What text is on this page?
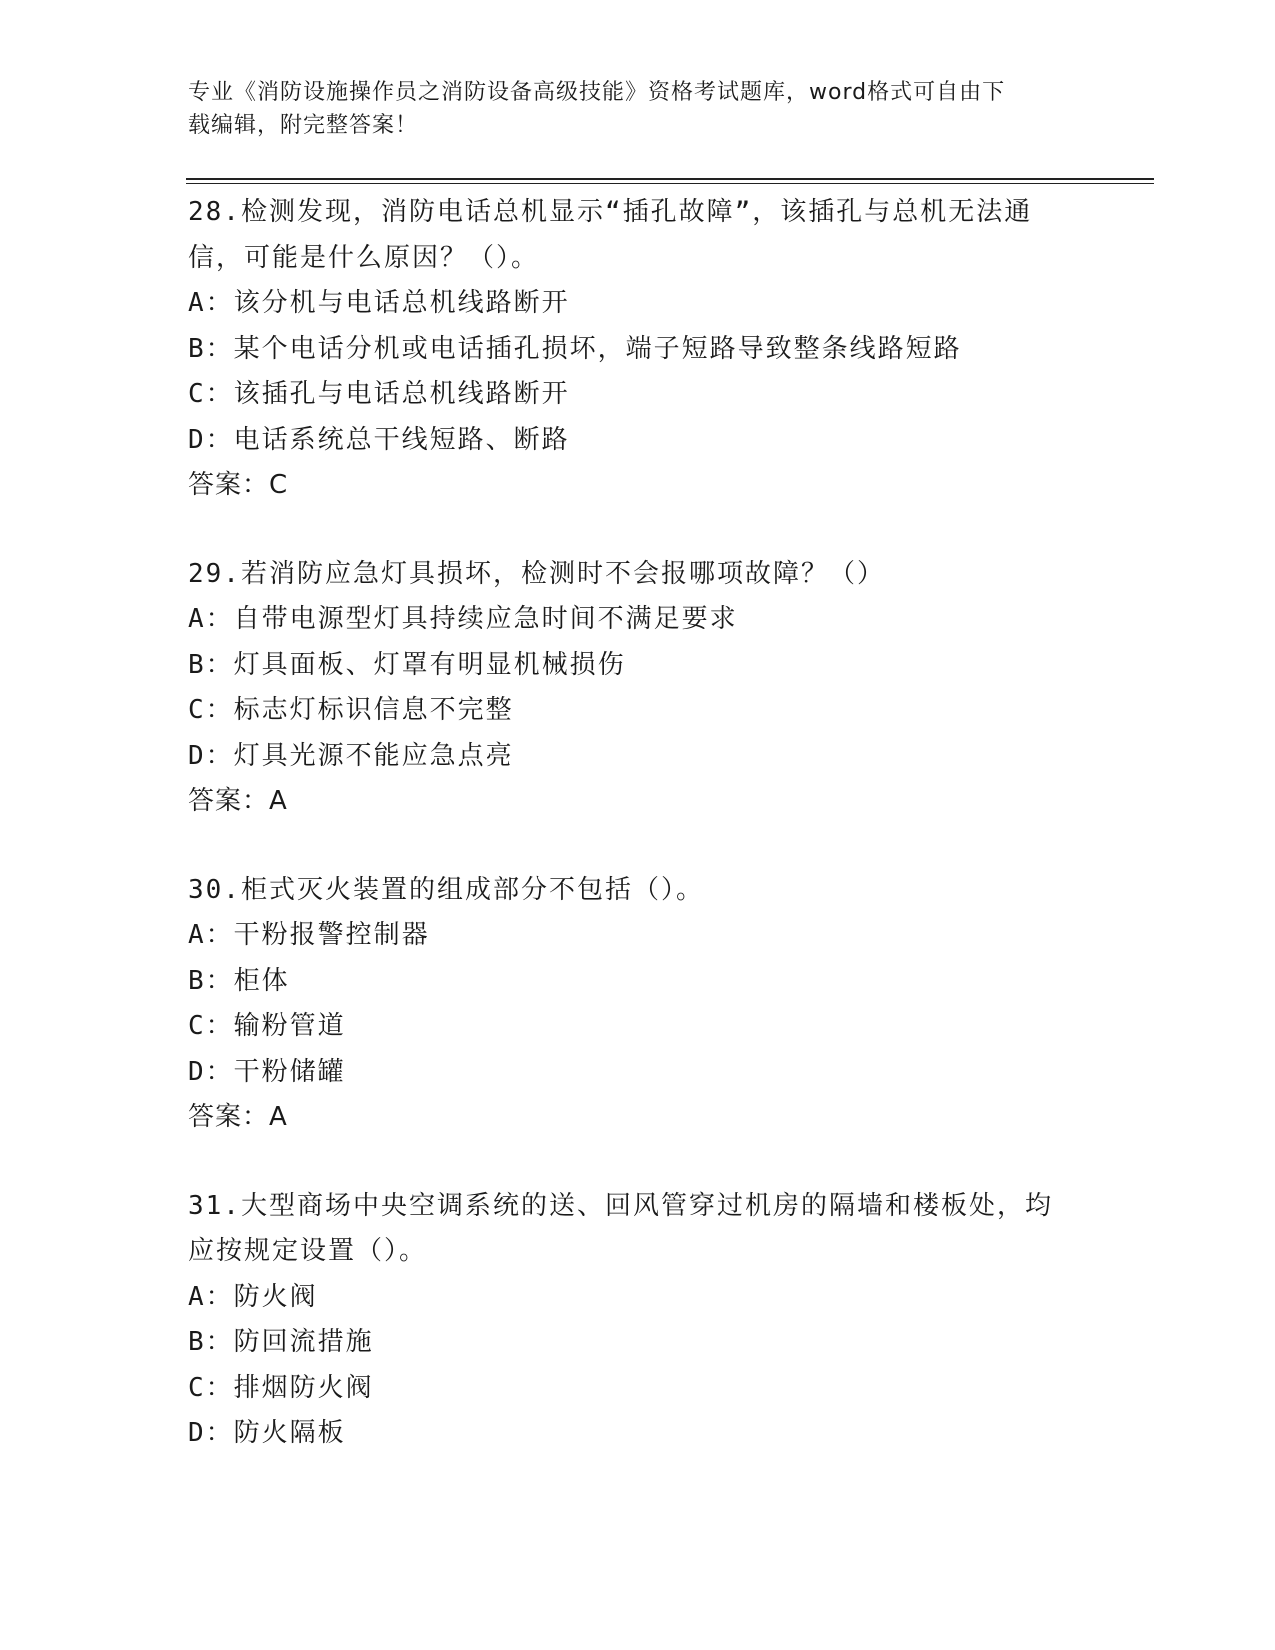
专业《消防设施操作员之消防设备高级技能》资格考试题库，word格式可自由下
载编辑，附完整答案！

28.检测发现，消防电话总机显示“插孔故障”，该插孔与总机无法通

信，可能是什么原因？（）。

A：该分机与电话总机线路断开

B：某个电话分机或电话插孔损坏，端子短路导致整条线路短路

C：该插孔与电话总机线路断开

D：电话系统总干线短路、断路

答案：C

29.若消防应急灯具损坏，检测时不会报哪项故障？（）

A：自带电源型灯具持续应急时间不满足要求

B：灯具面板、灯罩有明显机械损伤

C：标志灯标识信息不完整

D：灯具光源不能应急点亮

答案：A

30.柜式灭火装置的组成部分不包括（）。

A：干粉报警控制器

B：柜体

C：输粉管道

D：干粉储罐

答案：A

31.大型商场中央空调系统的送、回风管穿过机房的隔墙和楼板处，均

应按规定设置（）。

A：防火阀

B：防回流措施

C：排烟防火阀

D：防火隔板
